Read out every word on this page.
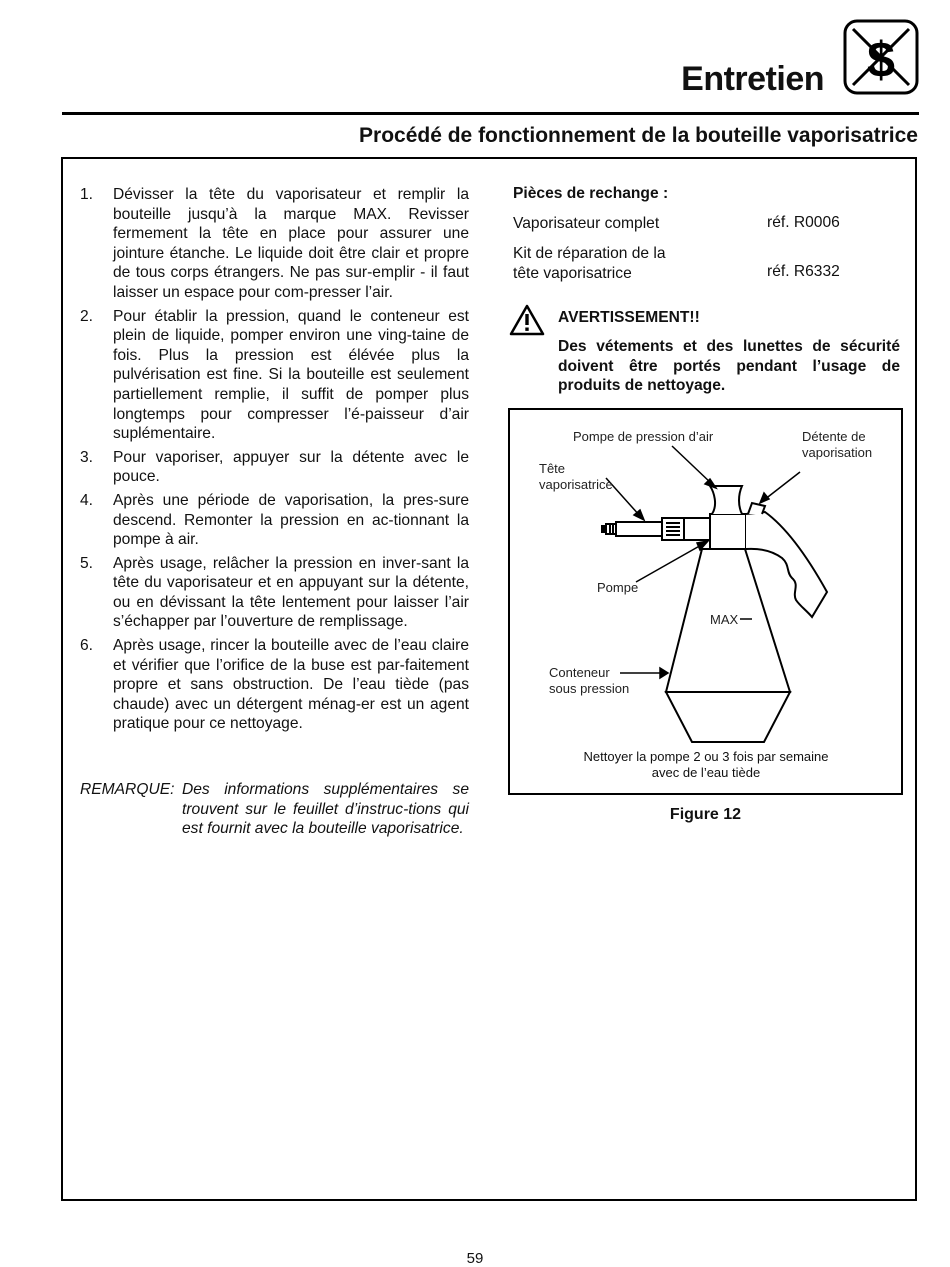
Entretien $
Procédé de fonctionnement de la bouteille vaporisatrice
1.	Dévisser la tête du vaporisateur et remplir la bouteille jusqu’à la marque MAX. Revisser fermement la tête en place pour assurer une jointure étanche. Le liquide doit être clair et propre de tous corps étrangers. Ne pas sur-emplir - il faut laisser un espace pour com-presser l’air.
2.	Pour établir la pression, quand le conteneur est plein de liquide, pomper environ une ving-taine de fois. Plus la pression est élévée plus la pulvérisation est fine. Si la bouteille est seulement partiellement remplie, il suffit de pomper plus longtemps pour compresser l’é-paisseur d’air suplémentaire.
3.	Pour vaporiser, appuyer sur la détente avec le pouce.
4.	Après une période de vaporisation, la pres-sure descend. Remonter la pression en ac-tionnant la pompe à air.
5.	Après usage, relâcher la pression en inver-sant la tête du vaporisateur et en appuyant sur la détente, ou en dévissant la tête lentement pour laisser l’air s’échapper par l’ouverture de remplissage.
6.	Après usage, rincer la bouteille avec de l’eau claire et vérifier que l’orifice de la buse est par-faitement propre et sans obstruction. De l’eau tiède (pas chaude) avec un détergent ménag-er est un agent pratique pour ce nettoyage.
REMARQUE: Des informations supplémentaires se trouvent sur le feuillet d’instruc-tions qui est fournit avec la bouteille vaporisatrice.
Pièces de rechange :
Vaporisateur complet	réf. R0006
Kit de réparation de la
tête vaporisatrice	réf. R6332
AVERTISSEMENT!!
Des vétements et des lunettes de sécurité doivent être portés pendant l’usage de produits de nettoyage.
Pompe de pression d’air	Détente de
vaporisation
Tête
vaporisatrice
Pompe
MAX
Conteneur
sous pression
Nettoyer la pompe 2 ou 3 fois par semaine
avec de l’eau tiède
Figure 12
59
